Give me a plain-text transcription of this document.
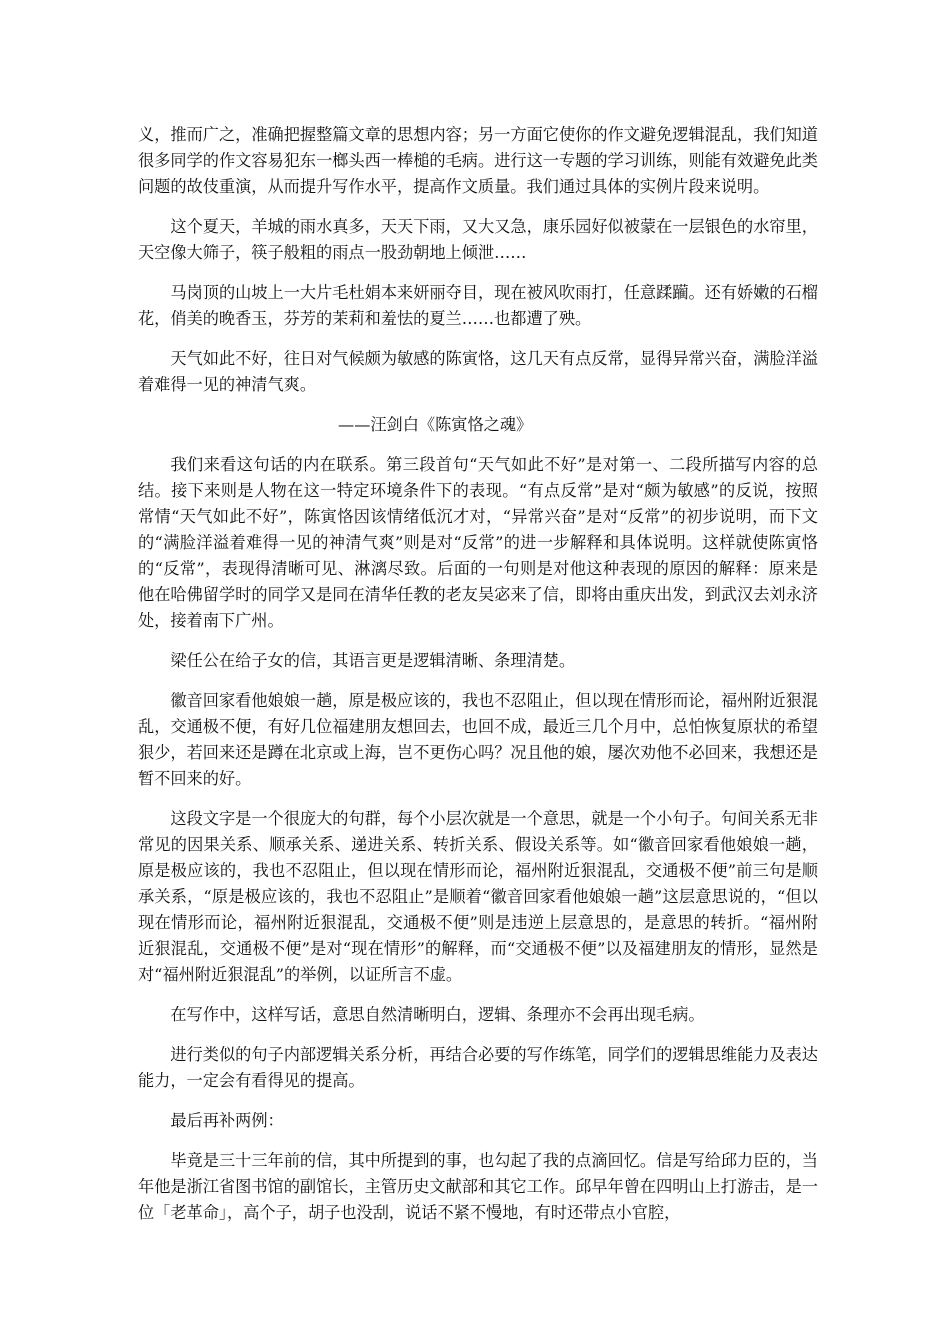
义，推而广之，准确把握整篇文章的思想内容；另一方面它使你的作文避免逻辑混乱，我们知道很多同学的作文容易犯东一榔头西一棒槌的毛病。进行这一专题的学习训练，则能有效避免此类问题的故伎重演，从而提升写作水平，提高作文质量。我们通过具体的实例片段来说明。

这个夏天，羊城的雨水真多，天天下雨，又大又急，康乐园好似被蒙在一层银色的水帘里，天空像大筛子，筷子般粗的雨点一股劲朝地上倾泄……

马岗顶的山坡上一大片毛杜娟本来妍丽夺目，现在被风吹雨打，任意蹂躏。还有娇嫩的石榴花，俏美的晚香玉，芬芳的茉莉和羞怯的夏兰……也都遭了殃。

天气如此不好，往日对气候颇为敏感的陈寅恪，这几天有点反常，显得异常兴奋，满脸洋溢着难得一见的神清气爽。

——汪剑白《陈寅恪之魂》

我们来看这句话的内在联系。第三段首句“天气如此不好”是对第一、二段所描写内容的总结。接下来则是人物在这一特定环境条件下的表现。“有点反常”是对“颇为敏感”的反说，按照常情“天气如此不好”，陈寅恪因该情绪低沉才对，“异常兴奋”是对“反常”的初步说明，而下文的“满脸洋溢着难得一见的神清气爽”则是对“反常”的进一步解释和具体说明。这样就使陈寅恪的“反常”，表现得清晰可见、淋漓尽致。后面的一句则是对他这种表现的原因的解释：原来是他在哈佛留学时的同学又是同在清华任教的老友吴宓来了信，即将由重庆出发，到武汉去刘永济处，接着南下广州。

梁任公在给子女的信，其语言更是逻辑清晰、条理清楚。

徽音回家看他娘娘一趟，原是极应该的，我也不忍阻止，但以现在情形而论，福州附近狠混乱，交通极不便，有好几位福建朋友想回去，也回不成，最近三几个月中，总怕恢复原状的希望狠少，若回来还是蹲在北京或上海，岂不更伤心吗？况且他的娘，屡次劝他不必回来，我想还是暂不回来的好。

这段文字是一个很庞大的句群，每个小层次就是一个意思，就是一个小句子。句间关系无非常见的因果关系、顺承关系、递进关系、转折关系、假设关系等。如“徽音回家看他娘娘一趟，原是极应该的，我也不忍阻止，但以现在情形而论，福州附近狠混乱，交通极不便”前三句是顺承关系，“原是极应该的，我也不忍阻止”是顺着“徽音回家看他娘娘一趟”这层意思说的，“但以现在情形而论，福州附近狠混乱，交通极不便”则是违逆上层意思的，是意思的转折。“福州附近狠混乱，交通极不便”是对“现在情形”的解释，而“交通极不便”以及福建朋友的情形，显然是对“福州附近狠混乱”的举例，以证所言不虚。

在写作中，这样写话，意思自然清晰明白，逻辑、条理亦不会再出现毛病。

进行类似的句子内部逻辑关系分析，再结合必要的写作练笔，同学们的逻辑思维能力及表达能力，一定会有看得见的提高。

最后再补两例：

毕竟是三十三年前的信，其中所提到的事，也勾起了我的点滴回忆。信是写给邱力臣的，当年他是浙江省图书馆的副馆长，主管历史文献部和其它工作。邱早年曾在四明山上打游击，是一位「老革命」，高个子，胡子也没刮，说话不紧不慢地，有时还带点小官腔，
